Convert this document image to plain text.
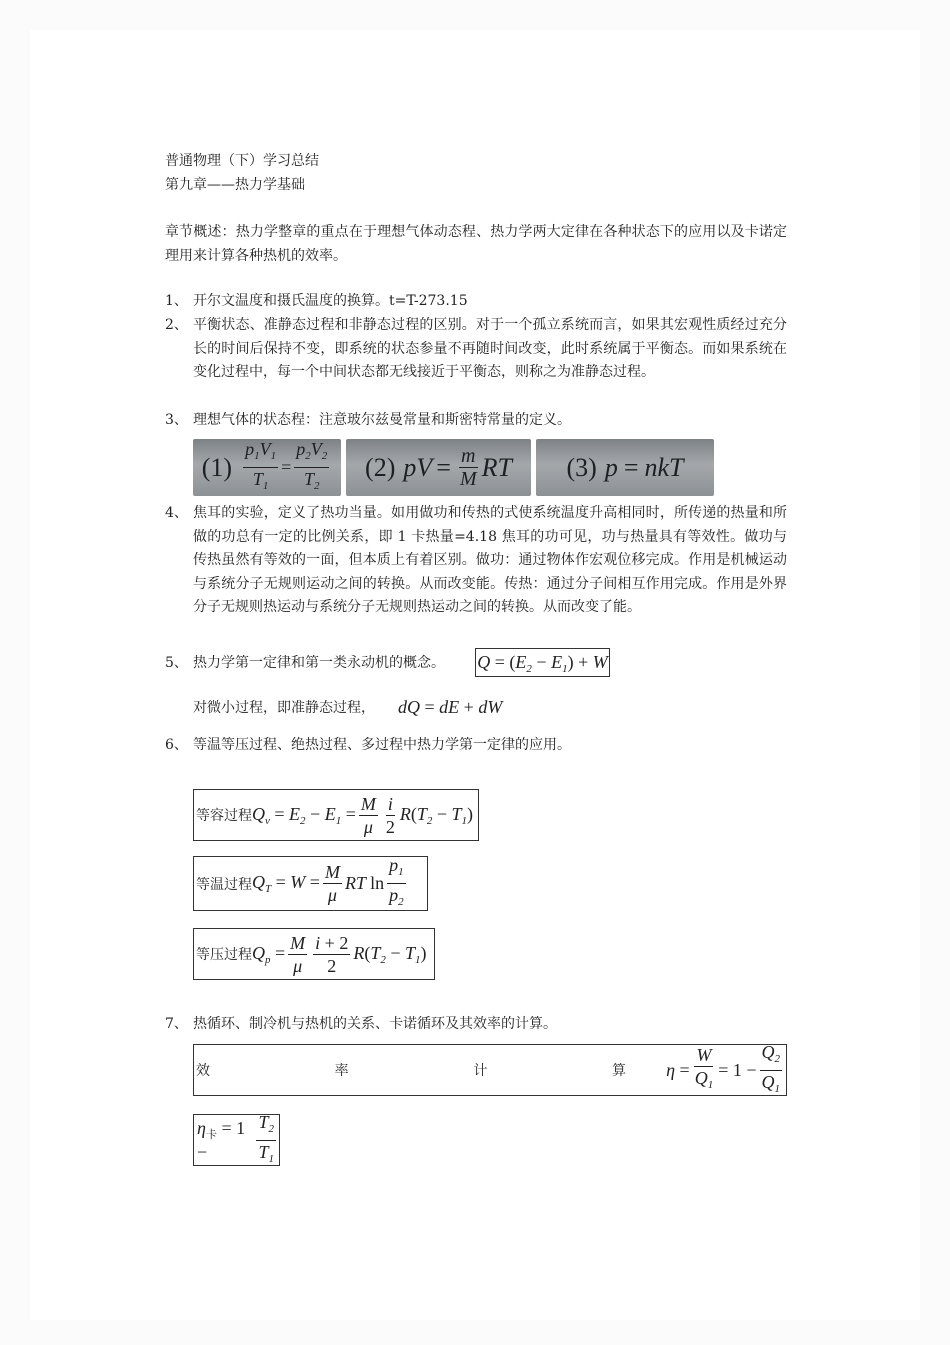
普通物理（下）学习总结
第九章——热力学基础
章节概述：热力学整章的重点在于理想气体动态程、热力学两大定律在各种状态下的应用以及卡诺定理用来计算各种热机的效率。
1、 开尔文温度和摄氏温度的换算。t=T-273.15
2、 平衡状态、准静态过程和非静态过程的区别。对于一个孤立系统而言，如果其宏观性质经过充分长的时间后保持不变，即系统的状态参量不再随时间改变，此时系统属于平衡态。而如果系统在变化过程中，每一个中间状态都无线接近于平衡态，则称之为准静态过程。
3、 理想气体的状态程：注意玻尔兹曼常量和斯密特常量的定义。
$(1) \frac{p_1V_1}{T_1} = \frac{p_2V_2}{T_2} (2)$ pV = $\frac{m}{M}$ RT (3) p = nkT
4、 焦耳的实验，定义了热功当量。如用做功和传热的式使系统温度升高相同时，所传递的热量和所做的功总有一定的比例关系，即 1 卡热量=4.18 焦耳的功可见，功与热量具有等效性。做功与传热虽然有等效的一面，但本质上有着区别。做功：通过物体作宏观位移完成。作用是机械运动与系统分子无规则运动之间的转换。从而改变能。传热：通过分子间相互作用完成。作用是外界分子无规则热运动与系统分子无规则热运动之间的转换。从而改变了能。
5、 热力学第一定律和第一类永动机的概念。 $Q = (E_2 - E_1) + W$
对微小过程，即准静态过程， dQ = dE + dW
6、 等温等压过程、绝热过程、多过程中热力学第一定律的应用。
等容过程 $Q_v = E_2 - E_1 = \frac{M}{\mu} \frac{i}{2} R(T_2 - T_1)$
等温过程 $Q_T = W = \frac{M}{\mu}$ RT $\ln \frac{p_1}{p_2}$
等压过程 $Q_p = \frac{M}{\mu} \frac{i + 2}{2} R(T_2 - T_1)$
7、 热循环、制冷机与热机的关系、卡诺循环及其效率的计算。
效	率	计	算 $\eta = \frac{W}{Q_1} = 1 - \frac{Q_2}{Q_1}$
$\eta_卡 = 1$ −	$\frac{T_2}{T_1}$
